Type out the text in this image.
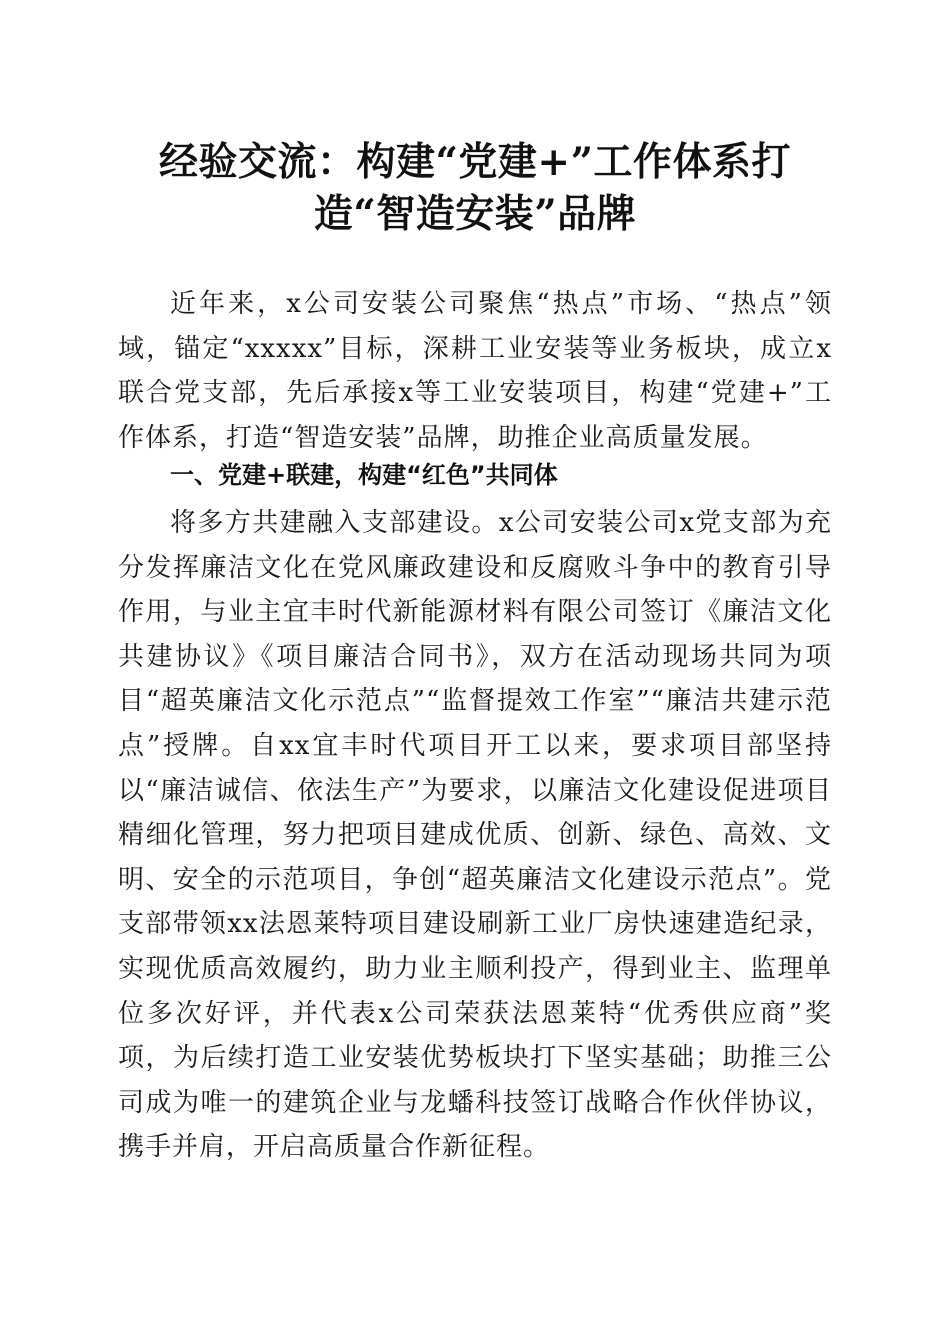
经验交流：构建“党建+”工作体系打造“智造安装”品牌

近年来，x公司安装公司聚焦“热点”市场、“热点”领域，锚定“xxxxx”目标，深耕工业安装等业务板块，成立x联合党支部，先后承接x等工业安装项目，构建“党建+”工作体系，打造“智造安装”品牌，助推企业高质量发展。

一、党建+联建，构建“红色”共同体

将多方共建融入支部建设。x公司安装公司x党支部为充分发挥廉洁文化在党风廉政建设和反腐败斗争中的教育引导作用，与业主宜丰时代新能源材料有限公司签订《廉洁文化共建协议》《项目廉洁合同书》，双方在活动现场共同为项目“超英廉洁文化示范点”“监督提效工作室”“廉洁共建示范点”授牌。自xx宜丰时代项目开工以来，要求项目部坚持以“廉洁诚信、依法生产”为要求，以廉洁文化建设促进项目精细化管理，努力把项目建成优质、创新、绿色、高效、文明、安全的示范项目，争创“超英廉洁文化建设示范点”。党支部带领xx法恩莱特项目建设刷新工业厂房快速建造纪录，实现优质高效履约，助力业主顺利投产，得到业主、监理单位多次好评，并代表x公司荣获法恩莱特“优秀供应商”奖项，为后续打造工业安装优势板块打下坚实基础；助推三公司成为唯一的建筑企业与龙蟠科技签订战略合作伙伴协议，携手并肩，开启高质量合作新征程。
